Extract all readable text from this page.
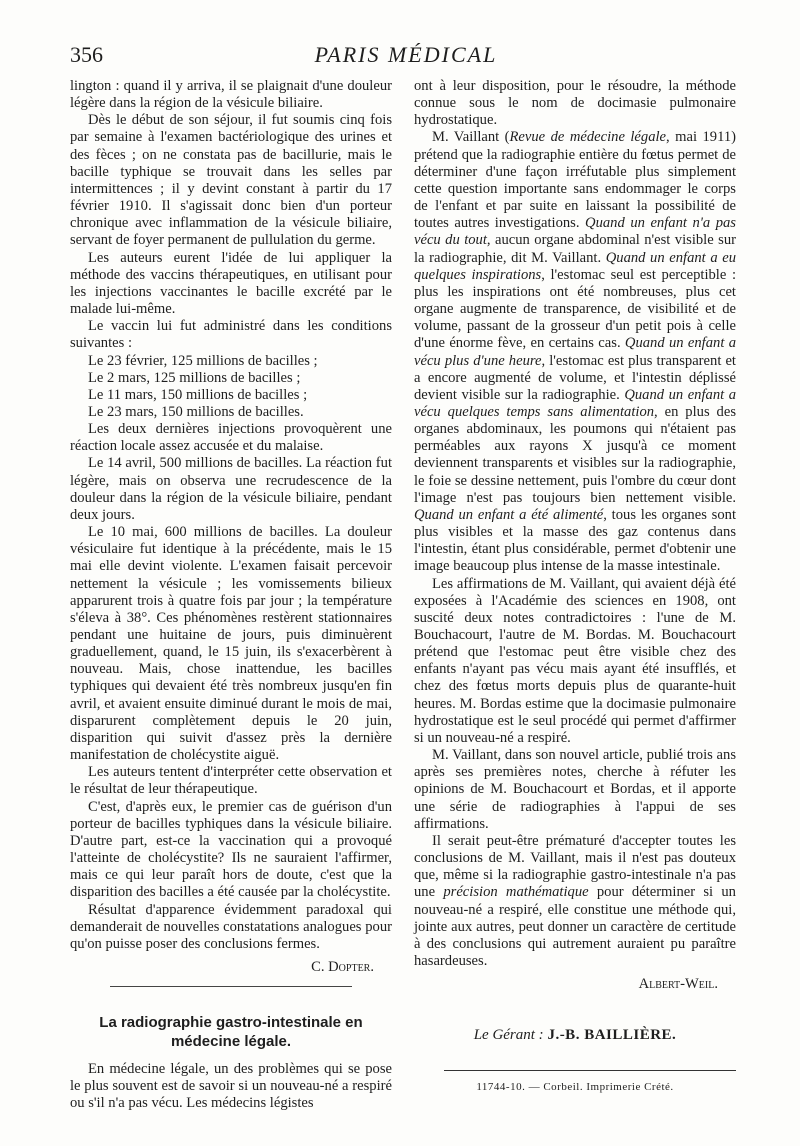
356	PARIS MÉDICAL

lington : quand il y arriva, il se plaignait d'une douleur légère dans la région de la vésicule biliaire.

Dès le début de son séjour, il fut soumis cinq fois par semaine à l'examen bactériologique des urines et des fèces ; on ne constata pas de bacillurie, mais le bacille typhique se trouvait dans les selles par intermittences ; il y devint constant à partir du 17 février 1910. Il s'agissait donc bien d'un porteur chronique avec inflammation de la vésicule biliaire, servant de foyer permanent de pullulation du germe.

Les auteurs eurent l'idée de lui appliquer la méthode des vaccins thérapeutiques, en utilisant pour les injections vaccinantes le bacille excrété par le malade lui-même.

Le vaccin lui fut administré dans les conditions suivantes :

Le 23 février, 125 millions de bacilles ;

Le 2 mars, 125 millions de bacilles ;

Le 11 mars, 150 millions de bacilles ;

Le 23 mars, 150 millions de bacilles.

Les deux dernières injections provoquèrent une réaction locale assez accusée et du malaise.

Le 14 avril, 500 millions de bacilles. La réaction fut légère, mais on observa une recrudescence de la douleur dans la région de la vésicule biliaire, pendant deux jours.

Le 10 mai, 600 millions de bacilles. La douleur vésiculaire fut identique à la précédente, mais le 15 mai elle devint violente. L'examen faisait percevoir nettement la vésicule ; les vomissements bilieux apparurent trois à quatre fois par jour ; la température s'éleva à 38°. Ces phénomènes restèrent stationnaires pendant une huitaine de jours, puis diminuèrent graduellement, quand, le 15 juin, ils s'exacerbèrent à nouveau. Mais, chose inattendue, les bacilles typhiques qui devaient été très nombreux jusqu'en fin avril, et avaient ensuite diminué durant le mois de mai, disparurent complètement depuis le 20 juin, disparition qui suivit d'assez près la dernière manifestation de cholécystite aiguë.

Les auteurs tentent d'interpréter cette observation et le résultat de leur thérapeutique.

C'est, d'après eux, le premier cas de guérison d'un porteur de bacilles typhiques dans la vésicule biliaire. D'autre part, est-ce la vaccination qui a provoqué l'atteinte de cholécystite? Ils ne sauraient l'affirmer, mais ce qui leur paraît hors de doute, c'est que la disparition des bacilles a été causée par la cholécystite.

Résultat d'apparence évidemment paradoxal qui demanderait de nouvelles constatations analogues pour qu'on puisse poser des conclusions fermes.

C. Dopter.

La radiographie gastro-intestinale en médecine légale.

En médecine légale, un des problèmes qui se pose le plus souvent est de savoir si un nouveau-né a respiré ou s'il n'a pas vécu. Les médecins légistes

ont à leur disposition, pour le résoudre, la méthode connue sous le nom de docimasie pulmonaire hydrostatique.

M. Vaillant (Revue de médecine légale, mai 1911) prétend que la radiographie entière du fœtus permet de déterminer d'une façon irréfutable plus simplement cette question importante sans endommager le corps de l'enfant et par suite en laissant la possibilité de toutes autres investigations. Quand un enfant n'a pas vécu du tout, aucun organe abdominal n'est visible sur la radiographie, dit M. Vaillant. Quand un enfant a eu quelques inspirations, l'estomac seul est perceptible : plus les inspirations ont été nombreuses, plus cet organe augmente de transparence, de visibilité et de volume, passant de la grosseur d'un petit pois à celle d'une énorme fève, en certains cas. Quand un enfant a vécu plus d'une heure, l'estomac est plus transparent et a encore augmenté de volume, et l'intestin déplissé devient visible sur la radiographie. Quand un enfant a vécu quelques temps sans alimentation, en plus des organes abdominaux, les poumons qui n'étaient pas perméables aux rayons X jusqu'à ce moment deviennent transparents et visibles sur la radiographie, le foie se dessine nettement, puis l'ombre du cœur dont l'image n'est pas toujours bien nettement visible. Quand un enfant a été alimenté, tous les organes sont plus visibles et la masse des gaz contenus dans l'intestin, étant plus considérable, permet d'obtenir une image beaucoup plus intense de la masse intestinale.

Les affirmations de M. Vaillant, qui avaient déjà été exposées à l'Académie des sciences en 1908, ont suscité deux notes contradictoires : l'une de M. Bouchacourt, l'autre de M. Bordas. M. Bouchacourt prétend que l'estomac peut être visible chez des enfants n'ayant pas vécu mais ayant été insufflés, et chez des fœtus morts depuis plus de quarante-huit heures. M. Bordas estime que la docimasie pulmonaire hydrostatique est le seul procédé qui permet d'affirmer si un nouveau-né a respiré.

M. Vaillant, dans son nouvel article, publié trois ans après ses premières notes, cherche à réfuter les opinions de M. Bouchacourt et Bordas, et il apporte une série de radiographies à l'appui de ses affirmations.

Il serait peut-être prématuré d'accepter toutes les conclusions de M. Vaillant, mais il n'est pas douteux que, même si la radiographie gastro-intestinale n'a pas une précision mathématique pour déterminer si un nouveau-né a respiré, elle constitue une méthode qui, jointe aux autres, peut donner un caractère de certitude à des conclusions qui autrement auraient pu paraître hasardeuses.

Albert-Weil.

Le Gérant : J.-B. BAILLIÈRE.
11744-10. — Corbeil. Imprimerie Crété.
